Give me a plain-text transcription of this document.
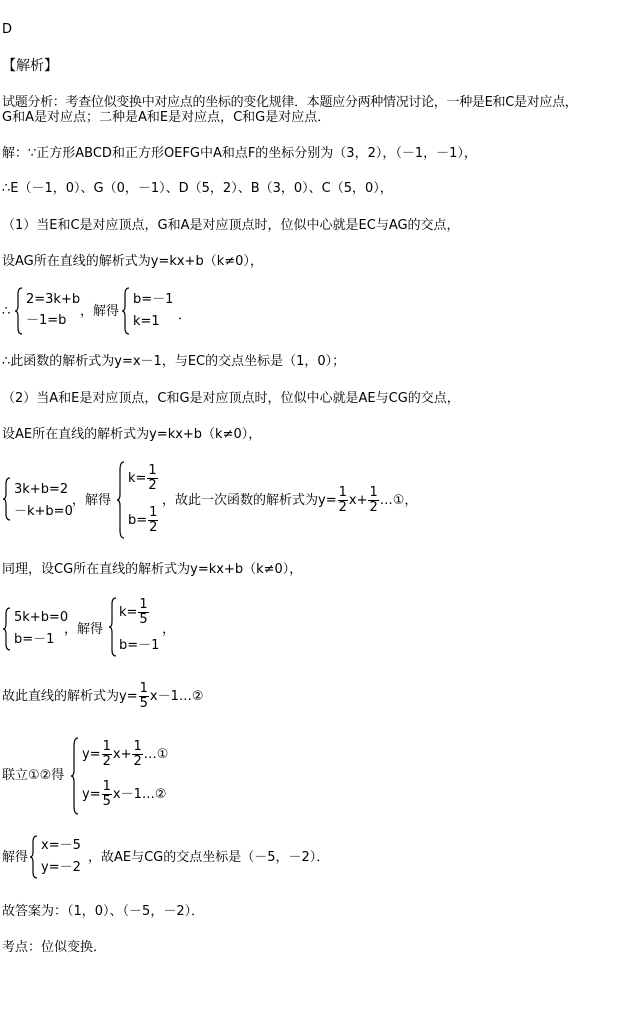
D
【解析】
试题分析：考查位似变换中对应点的坐标的变化规律．本题应分两种情况讨论，一种是E和C是对应点，
G和A是对应点；二种是A和E是对应点，C和G是对应点．
解：∵正方形ABCD和正方形OEFG中A和点F的坐标分别为（3，2），（－1，－1），
∴E（－1，0）、G（0，－1）、D（5，2）、B（3，0）、C（5，0），
（1）当E和C是对应顶点，G和A是对应顶点时，位似中心就是EC与AG的交点，
设AG所在直线的解析式为y=kx+b（k≠0），
∴
2=3k+b
－1=b
，解得
b=－1
k=1 ．
∴此函数的解析式为y=x－1，与EC的交点坐标是（1，0）；
（2）当A和E是对应顶点，C和G是对应顶点时，位似中心就是AE与CG的交点，
设AE所在直线的解析式为y=kx+b（k≠0），
3k+b=2
－k+b=0
，解得
$k= \frac{1}{2}$
$b= \frac{1}{2}$
，故此一次函数的解析式为$y= \frac{1}{2} x+ \frac{1}{2}$ …①，
同理，设CG所在直线的解析式为y=kx+b（k≠0），
5k+b=0
b=－1
，解得
$k= \frac{1}{5}$
b=－1
，
故此直线的解析式为$y= \frac{1}{5}$ x－1…②
联立①②得
$y= \frac{1}{2} x+ \frac{1}{2}$ …①
$y= \frac{1}{5}$ x－1…②
解得
x=－5
y=－2
，故AE与CG的交点坐标是（－5，－2）．
故答案为：（1，0）、（－5，－2）．
考点：位似变换．
